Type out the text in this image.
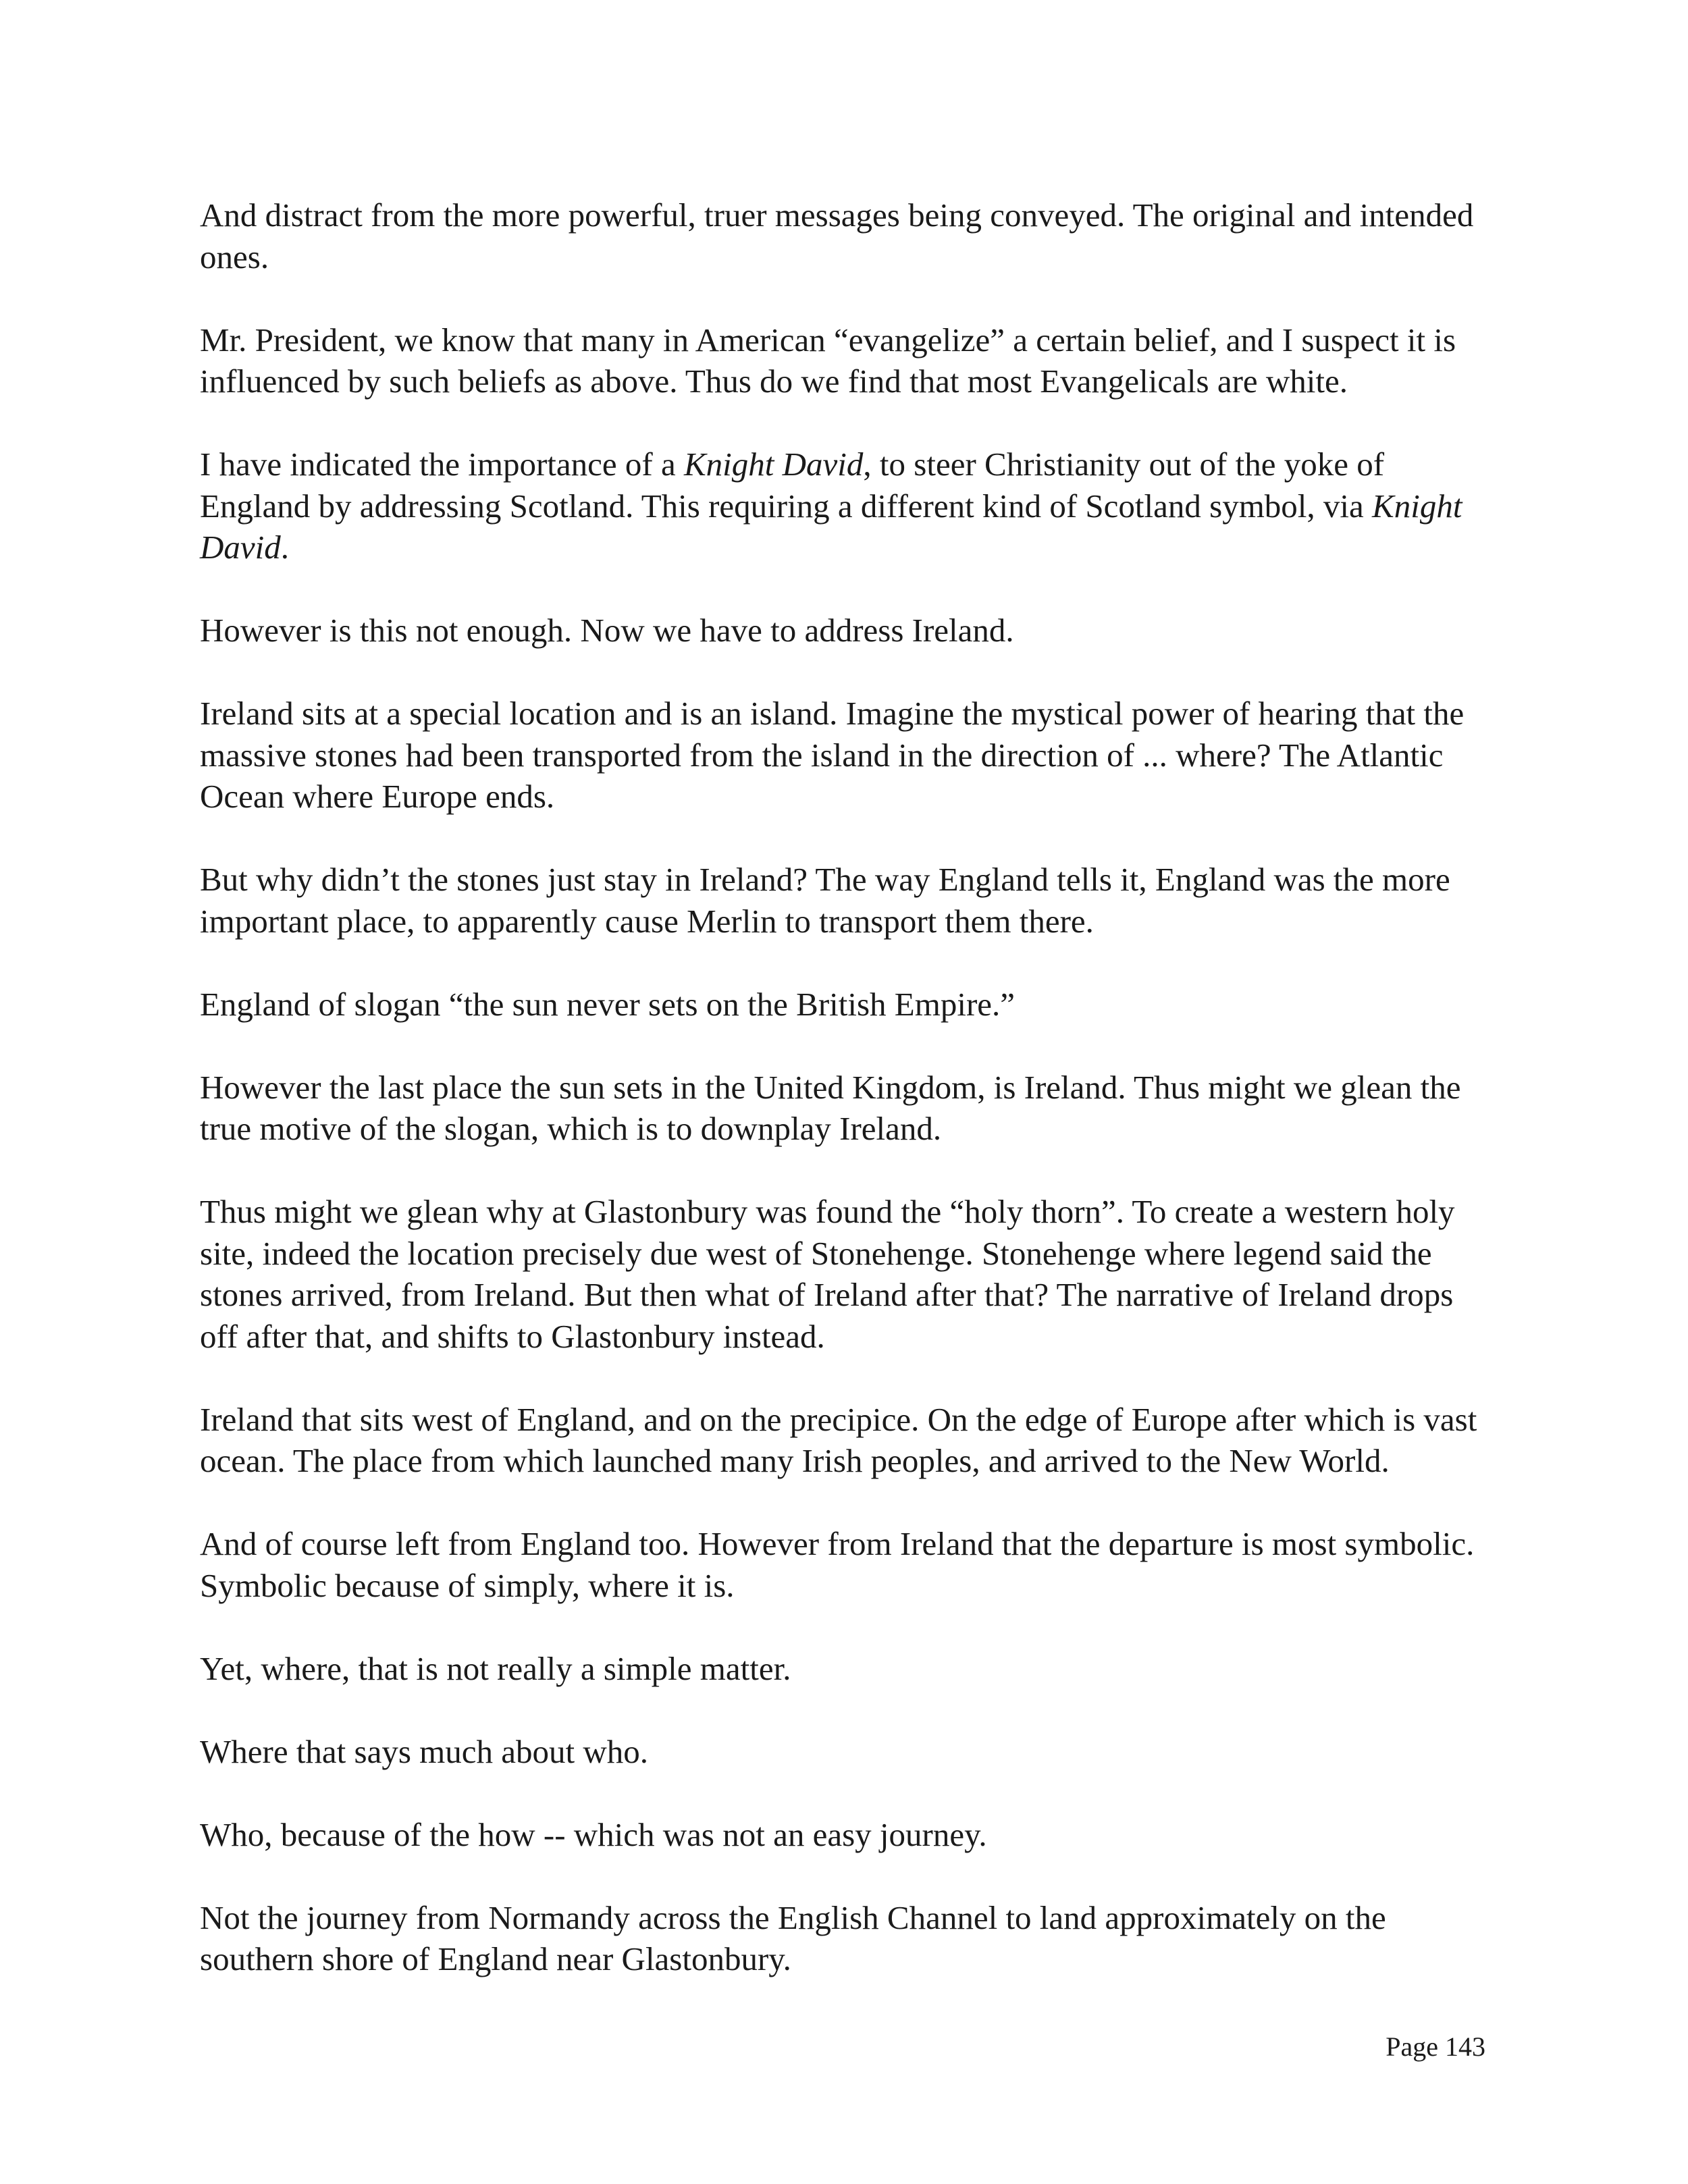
And distract from the more powerful, truer messages being conveyed. The original and intended ones.

Mr. President, we know that many in American “evangelize” a certain belief, and I suspect it is influenced by such beliefs as above. Thus do we find that most Evangelicals are white.

I have indicated the importance of a Knight David, to steer Christianity out of the yoke of England by addressing Scotland. This requiring a different kind of Scotland symbol, via Knight David.

However is this not enough. Now we have to address Ireland.

Ireland sits at a special location and is an island. Imagine the mystical power of hearing that the massive stones had been transported from the island in the direction of ... where? The Atlantic Ocean where Europe ends.

But why didn’t the stones just stay in Ireland? The way England tells it, England was the more important place, to apparently cause Merlin to transport them there.

England of slogan “the sun never sets on the British Empire.”

However the last place the sun sets in the United Kingdom, is Ireland. Thus might we glean the true motive of the slogan, which is to downplay Ireland.

Thus might we glean why at Glastonbury was found the “holy thorn”. To create a western holy site, indeed the location precisely due west of Stonehenge. Stonehenge where legend said the stones arrived, from Ireland. But then what of Ireland after that? The narrative of Ireland drops off after that, and shifts to Glastonbury instead.

Ireland that sits west of England, and on the precipice. On the edge of Europe after which is vast ocean. The place from which launched many Irish peoples, and arrived to the New World.

And of course left from England too. However from Ireland that the departure is most symbolic. Symbolic because of simply, where it is.

Yet, where, that is not really a simple matter.

Where that says much about who.

Who, because of the how -- which was not an easy journey.

Not the journey from Normandy across the English Channel to land approximately on the southern shore of England near Glastonbury.

Page 143
